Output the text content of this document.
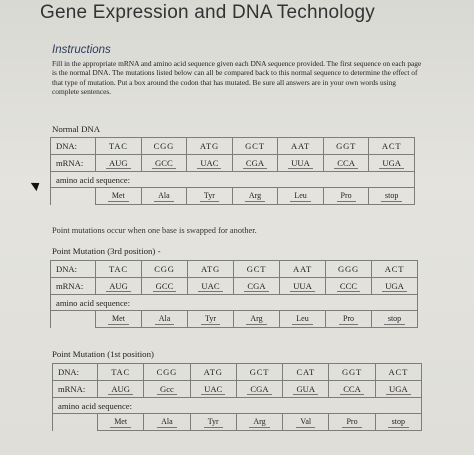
Gene Expression and DNA Technology
Instructions
Fill in the appropriate mRNA and amino acid sequence given each DNA sequence provided. The first sequence on each page is the normal DNA. The mutations listed below can all be compared back to this normal sequence to determine the effect of that type of mutation. Put a box around the codon that has mutated. Be sure all answers are in your own words using complete sentences.
Normal DNA
DNA:	TAC	CGG	ATG	GCT	AAT	GGT	ACT
mRNA:	AUG	GCC	UAC	CGA	UUA	CCA	UGA
amino acid sequence:							
	Met	Ala	Tyr	Arg	Leu	Pro	stop
Point mutations occur when one base is swapped for another.
Point Mutation (3rd position) -
DNA:	TAC	CGG	ATG	GCT	AAT	GGG	ACT
mRNA:	AUG	GCC	UAC	CGA	UUA	CCC	UGA
amino acid sequence:							
	Met	Ala	Tyr	Arg	Leu	Pro	stop
Point Mutation (1st position)
DNA:	TAC	CGG	ATG	GCT	CAT	GGT	ACT
mRNA:	AUG	Gcc	UAC	CGA	GUA	CCA	UGA
amino acid sequence:							
	Met	Ala	Tyr	Arg	Val	Pro	stop
